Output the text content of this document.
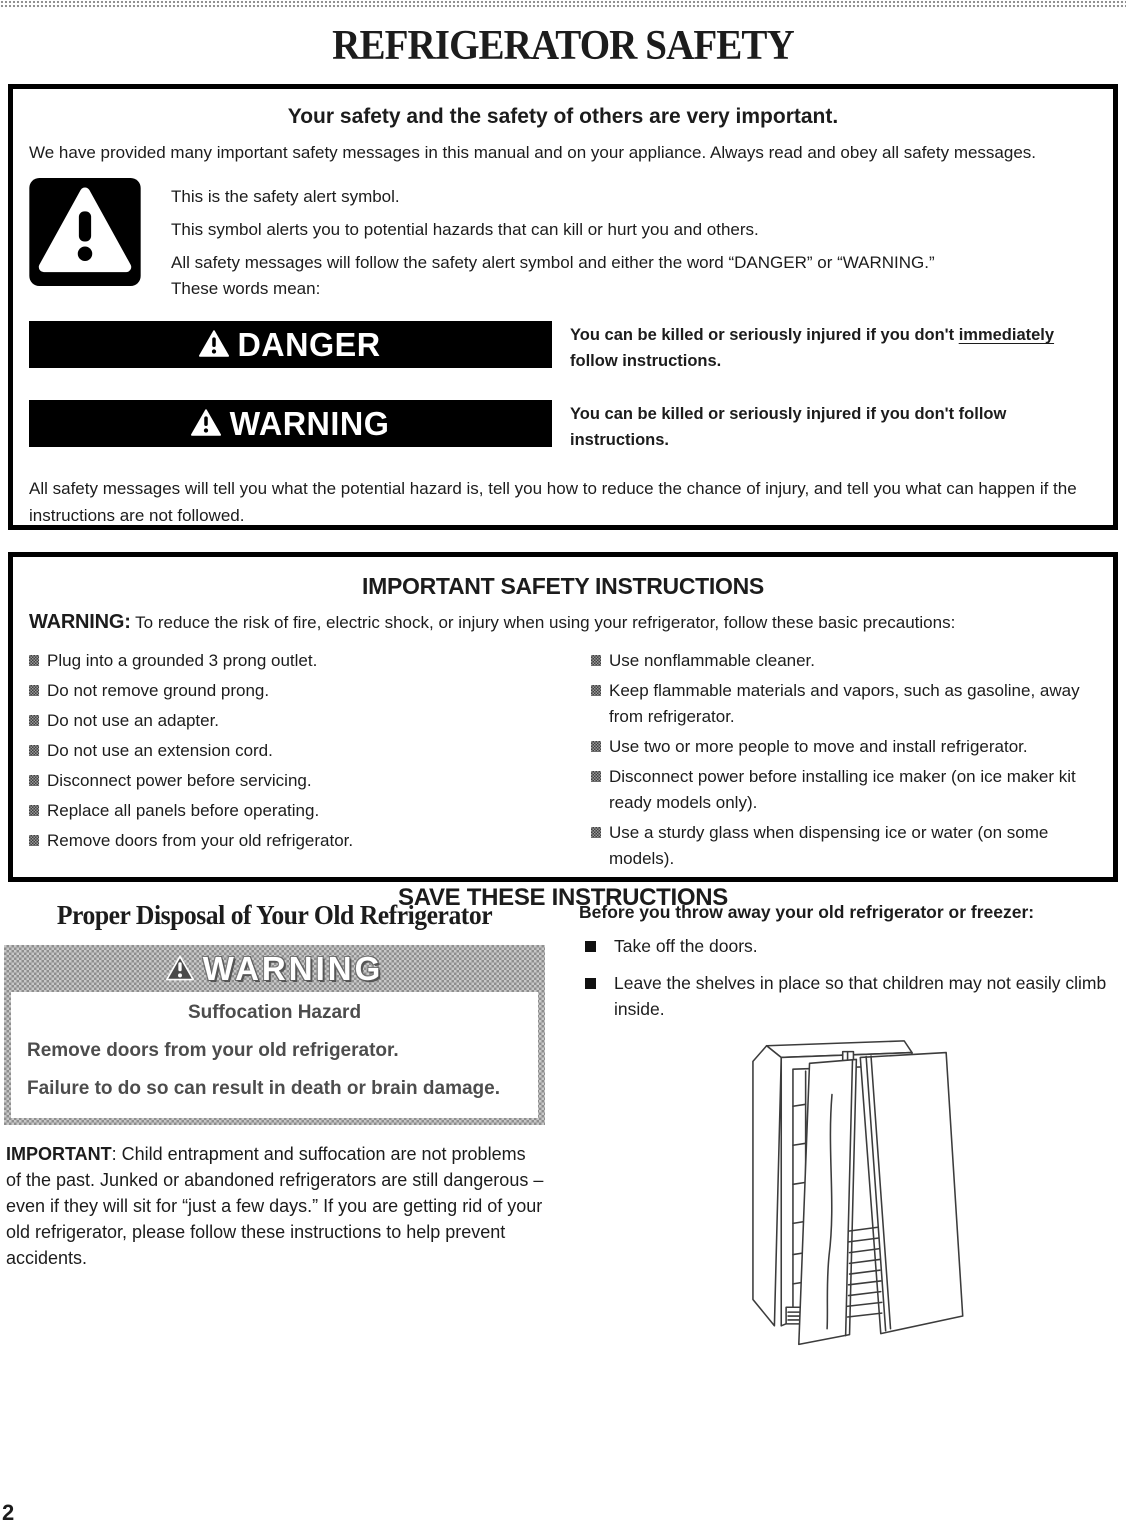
REFRIGERATOR SAFETY
Your safety and the safety of others are very important.

We have provided many important safety messages in this manual and on your appliance. Always read and obey all safety messages.

This is the safety alert symbol.

This symbol alerts you to potential hazards that can kill or hurt you and others.

All safety messages will follow the safety alert symbol and either the word “DANGER” or “WARNING.”

These words mean:

DANGER	You can be killed or seriously injured if you don't immediately follow instructions.

WARNING	You can be killed or seriously injured if you don't follow instructions.

All safety messages will tell you what the potential hazard is, tell you how to reduce the chance of injury, and tell you what can happen if the instructions are not followed.

IMPORTANT SAFETY INSTRUCTIONS

WARNING: To reduce the risk of fire, electric shock, or injury when using your refrigerator, follow these basic precautions:

Plug into a grounded 3 prong outlet.
Do not remove ground prong.
Do not use an adapter.
Do not use an extension cord.
Disconnect power before servicing.
Replace all panels before operating.
Remove doors from your old refrigerator.
Use nonflammable cleaner.
Keep flammable materials and vapors, such as gasoline, away from refrigerator.
Use two or more people to move and install refrigerator.
Disconnect power before installing ice maker (on ice maker kit ready models only).
Use a sturdy glass when dispensing ice or water (on some models).
SAVE THESE INSTRUCTIONS
Proper Disposal of Your Old Refrigerator
WARNING

Suffocation Hazard

Remove doors from your old refrigerator.

Failure to do so can result in death or brain damage.

IMPORTANT: Child entrapment and suffocation are not problems of the past. Junked or abandoned refrigerators are still dangerous – even if they will sit for “just a few days.” If you are getting rid of your old refrigerator, please follow these instructions to help prevent accidents.

Before you throw away your old refrigerator or freezer:

Take off the doors.
Leave the shelves in place so that children may not easily climb inside.
2
